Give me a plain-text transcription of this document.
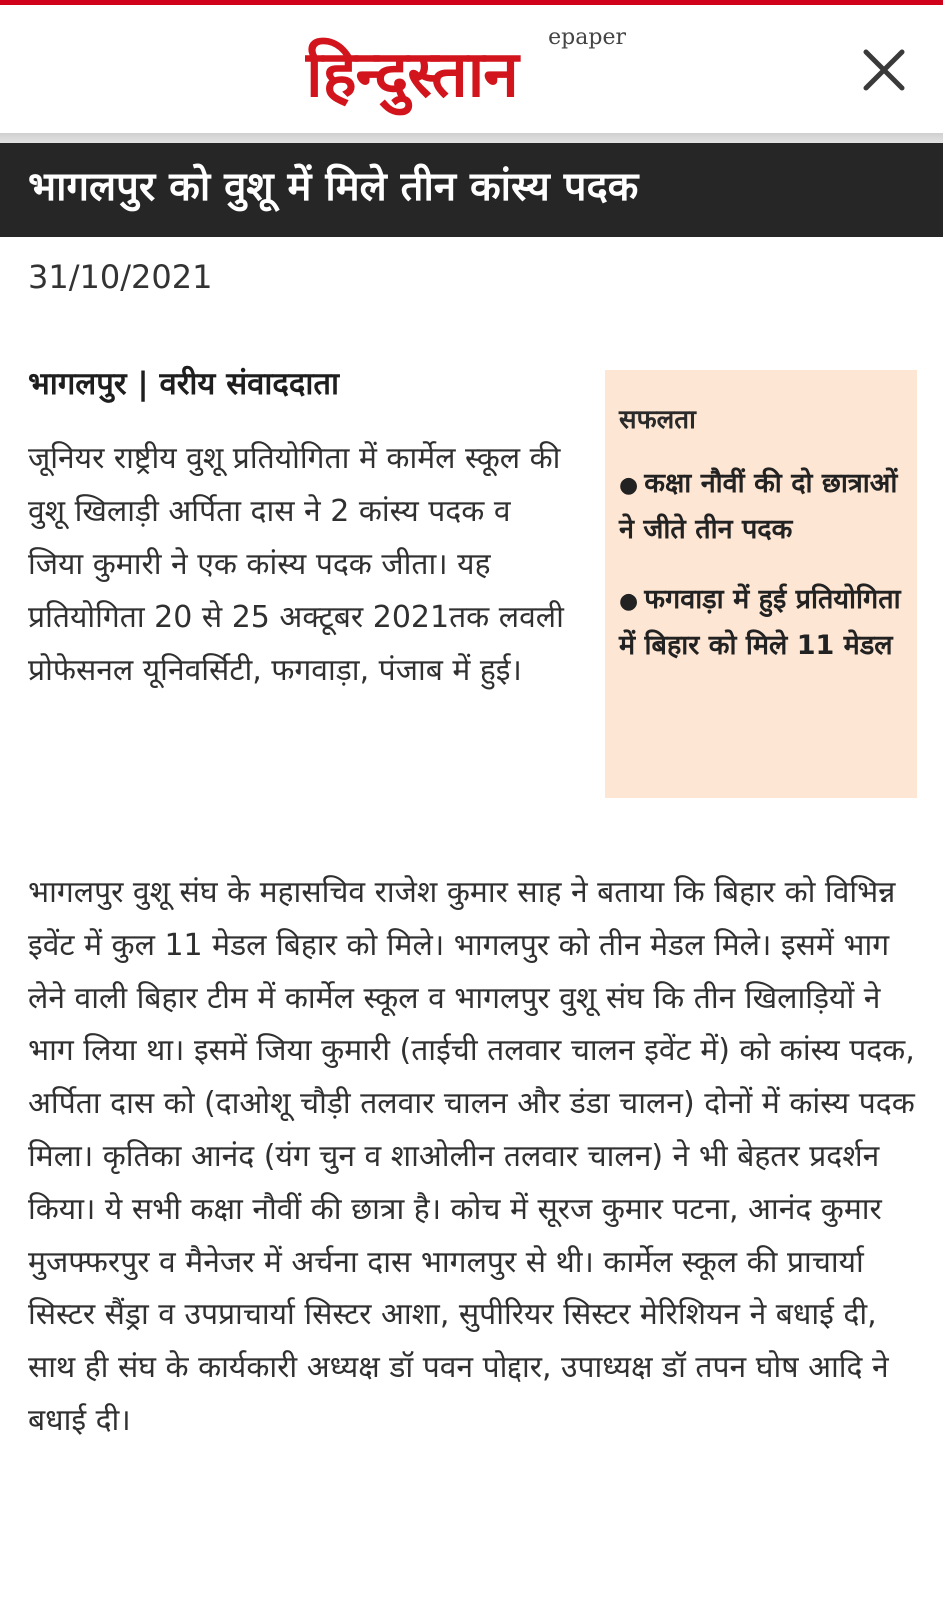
epaper
हिन्दुस्तान
भागलपुर को वुशू में मिले तीन कांस्य पदक
31/10/2021
भागलपुर | वरीय संवाददाता

जूनियर राष्ट्रीय वुशू प्रतियोगिता में कार्मेल स्कूल की वुशू खिलाड़ी अर्पिता दास ने 2 कांस्य पदक व जिया कुमारी ने एक कांस्य पदक जीता। यह प्रतियोगिता 20 से 25 अक्टूबर 2021तक लवली प्रोफेसनल यूनिवर्सिटी, फगवाड़ा, पंजाब में हुई।

सफलता
● कक्षा नौवीं की दो छात्राओं ने जीते तीन पदक
● फगवाड़ा में हुई प्रतियोगिता में बिहार को मिले 11 मेडल

भागलपुर वुशू संघ के महासचिव राजेश कुमार साह ने बताया कि बिहार को विभिन्न इवेंट में कुल 11 मेडल बिहार को मिले। भागलपुर को तीन मेडल मिले। इसमें भाग लेने वाली बिहार टीम में कार्मेल स्कूल व भागलपुर वुशू संघ कि तीन खिलाड़ियों ने भाग लिया था। इसमें जिया कुमारी (ताईची तलवार चालन इवेंट में) को कांस्य पदक, अर्पिता दास को (दाओशू चौड़ी तलवार चालन और डंडा चालन) दोनों में कांस्य पदक मिला। कृतिका आनंद (यंग चुन व शाओलीन तलवार चालन) ने भी बेहतर प्रदर्शन किया। ये सभी कक्षा नौवीं की छात्रा है। कोच में सूरज कुमार पटना, आनंद कुमार मुजफ्फरपुर व मैनेजर में अर्चना दास भागलपुर से थी। कार्मेल स्कूल की प्राचार्या सिस्टर सैंड्रा व उपप्राचार्या सिस्टर आशा, सुपीरियर सिस्टर मेरिशियन ने बधाई दी, साथ ही संघ के कार्यकारी अध्यक्ष डॉ पवन पोद्दार, उपाध्यक्ष डॉ तपन घोष आदि ने बधाई दी।
